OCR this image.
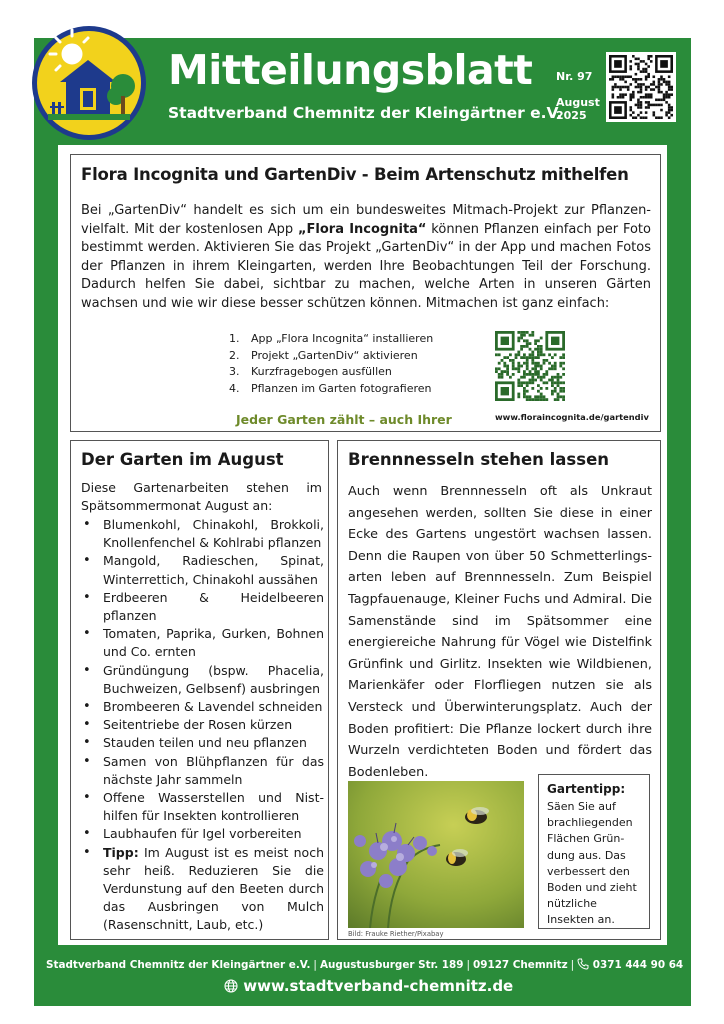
Mitteilungsblatt
Stadtverband Chemnitz der Kleingärtner e.V.
Nr. 97
August
2025
Flora Incognita und GartenDiv - Beim Artenschutz mithelfen

Bei „GartenDiv“ handelt es sich um ein bundesweites Mitmach-Projekt zur Pflanzen-vielfalt. Mit der kostenlosen App „Flora Incognita“ können Pflanzen einfach per Foto bestimmt werden. Aktivieren Sie das Projekt „GartenDiv“ in der App und machen Fotos der Pflanzen in ihrem Kleingarten, werden Ihre Beobachtungen Teil der Forschung. Dadurch helfen Sie dabei, sichtbar zu machen, welche Arten in unseren Gärten wachsen und wie wir diese besser schützen können. Mitmachen ist ganz einfach:

1. App „Flora Incognita“ installieren
2. Projekt „GartenDiv“ aktivieren
3. Kurzfragebogen ausfüllen
4. Pflanzen im Garten fotografieren
Jeder Garten zählt – auch Ihrer	www.floraincognita.de/gartendiv
Der Garten im August

Diese Gartenarbeiten stehen im Spätsommermonat August an:

• Blumenkohl, Chinakohl, Brokkoli, Knollenfenchel & Kohlrabi pflanzen
• Mangold, Radieschen, Spinat, Winterrettich, Chinakohl aussähen
• Erdbeeren & Heidelbeeren pflanzen
• Tomaten, Paprika, Gurken, Bohnen und Co. ernten
• Gründüngung (bspw. Phacelia, Buchweizen, Gelbsenf) ausbringen
• Brombeeren & Lavendel schneiden
• Seitentriebe der Rosen kürzen
• Stauden teilen und neu pflanzen
• Samen von Blühpflanzen für das nächste Jahr sammeln
• Offene Wasserstellen und Nist-hilfen für Insekten kontrollieren
• Laubhaufen für Igel vorbereiten
• Tipp: Im August ist es meist noch sehr heiß. Reduzieren Sie die Verdunstung auf den Beeten durch das Ausbringen von Mulch (Rasenschnitt, Laub, etc.)
Brennnesseln stehen lassen

Auch wenn Brennnesseln oft als Unkraut angesehen werden, sollten Sie diese in einer Ecke des Gartens ungestört wachsen lassen. Denn die Raupen von über 50 Schmetterlings-arten leben auf Brennnesseln. Zum Beispiel Tagpfauenauge, Kleiner Fuchs und Admiral. Die Samenstände sind im Spätsommer eine energiereiche Nahrung für Vögel wie Distelfink Grünfink und Girlitz. Insekten wie Wildbienen, Marienkäfer oder Florfliegen nutzen sie als Versteck und Überwinterungsplatz. Auch der Boden profitiert: Die Pflanze lockert durch ihre Wurzeln verdichteten Boden und fördert das Bodenleben.

Bild: Frauke Riether/Pixabay
Gartentipp:
Säen Sie auf brachliegenden Flächen Grün-dung aus. Das verbessert den Boden und zieht nützliche Insekten an.
Stadtverband Chemnitz der Kleingärtner e.V. | Augustusburger Str. 189 | 09127 Chemnitz | 0371 444 90 64
www.stadtverband-chemnitz.de
